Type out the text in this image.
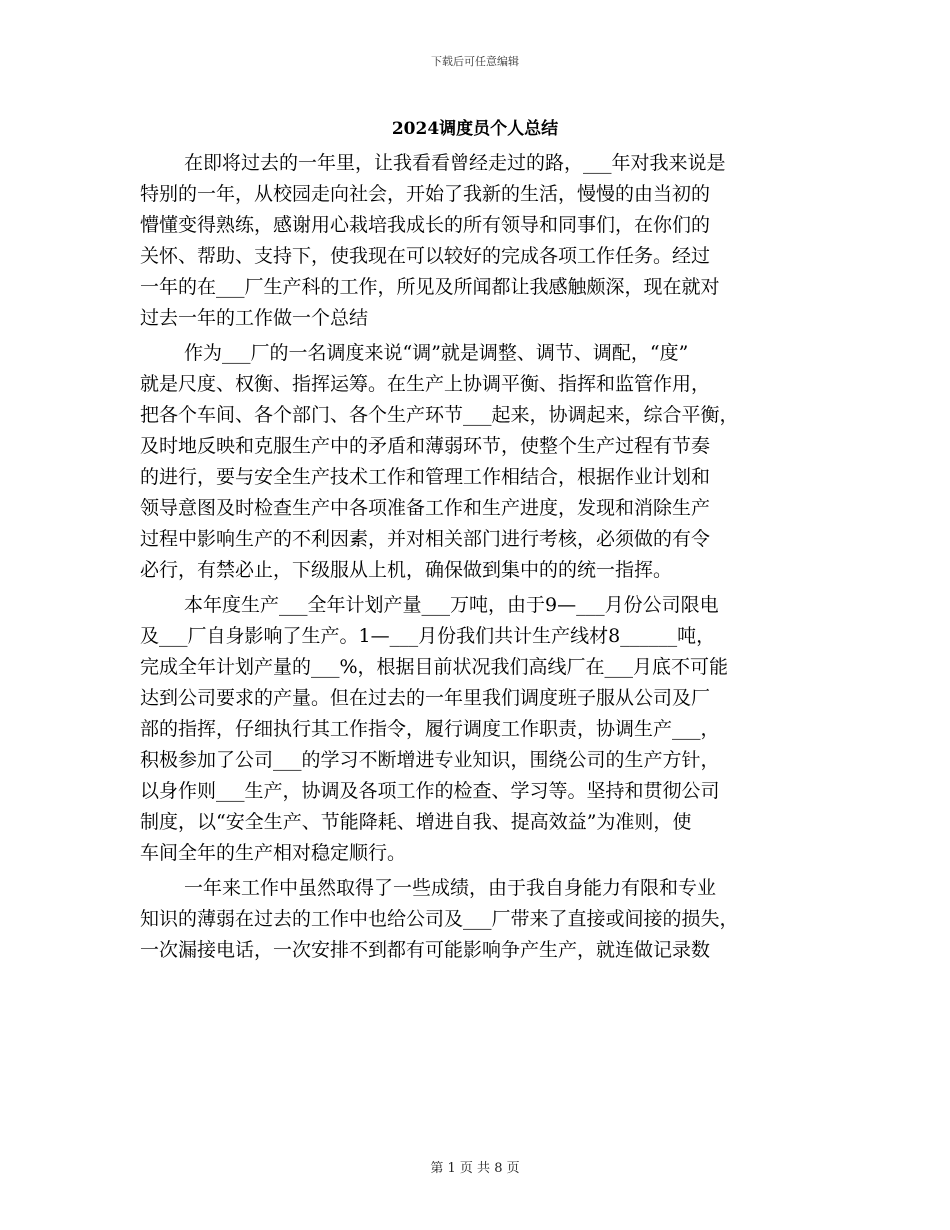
下载后可任意编辑
2024调度员个人总结
在即将过去的一年里，让我看看曾经走过的路，___年对我来说是
特别的一年，从校园走向社会，开始了我新的生活，慢慢的由当初的
懵懂变得熟练，感谢用心栽培我成长的所有领导和同事们，在你们的
关怀、帮助、支持下，使我现在可以较好的完成各项工作任务。经过
一年的在___厂生产科的工作，所见及所闻都让我感触颇深，现在就对
过去一年的工作做一个总结
作为___厂的一名调度来说“调”就是调整、调节、调配，“度”
就是尺度、权衡、指挥运筹。在生产上协调平衡、指挥和监管作用，
把各个车间、各个部门、各个生产环节___起来，协调起来，综合平衡，
及时地反映和克服生产中的矛盾和薄弱环节，使整个生产过程有节奏
的进行，要与安全生产技术工作和管理工作相结合，根据作业计划和
领导意图及时检查生产中各项准备工作和生产进度，发现和消除生产
过程中影响生产的不利因素，并对相关部门进行考核，必须做的有令
必行，有禁必止，下级服从上机，确保做到集中的的统一指挥。
本年度生产___全年计划产量___万吨，由于9—___月份公司限电
及___厂自身影响了生产。1—___月份我们共计生产线材8______吨，
完成全年计划产量的___%，根据目前状况我们高线厂在___月底不可能
达到公司要求的产量。但在过去的一年里我们调度班子服从公司及厂
部的指挥，仔细执行其工作指令，履行调度工作职责，协调生产___，
积极参加了公司___的学习不断增进专业知识，围绕公司的生产方针，
以身作则___生产，协调及各项工作的检查、学习等。坚持和贯彻公司
制度，以“安全生产、节能降耗、增进自我、提高效益”为准则，使
车间全年的生产相对稳定顺行。
一年来工作中虽然取得了一些成绩，由于我自身能力有限和专业
知识的薄弱在过去的工作中也给公司及___厂带来了直接或间接的损失，
一次漏接电话，一次安排不到都有可能影响争产生产，就连做记录数
第 1 页 共 8 页
